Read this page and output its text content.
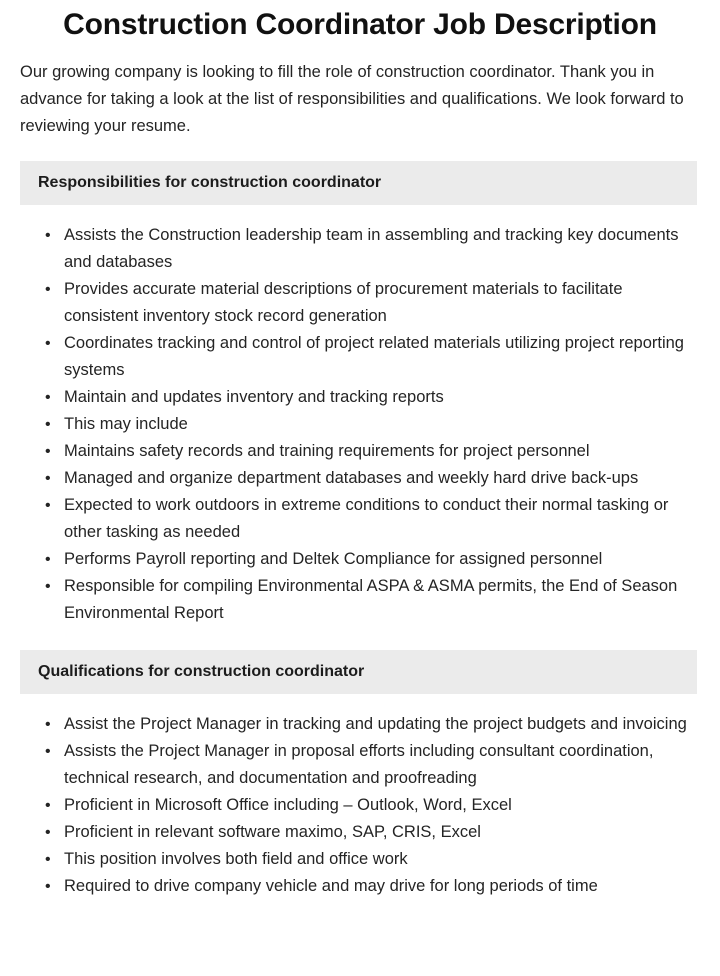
Construction Coordinator Job Description

Our growing company is looking to fill the role of construction coordinator. Thank you in advance for taking a look at the list of responsibilities and qualifications. We look forward to reviewing your resume.

Responsibilities for construction coordinator
• Assists the Construction leadership team in assembling and tracking key documents and databases
• Provides accurate material descriptions of procurement materials to facilitate consistent inventory stock record generation
• Coordinates tracking and control of project related materials utilizing project reporting systems
• Maintain and updates inventory and tracking reports
• This may include
• Maintains safety records and training requirements for project personnel
• Managed and organize department databases and weekly hard drive back-ups
• Expected to work outdoors in extreme conditions to conduct their normal tasking or other tasking as needed
• Performs Payroll reporting and Deltek Compliance for assigned personnel
• Responsible for compiling Environmental ASPA & ASMA permits, the End of Season Environmental Report
Qualifications for construction coordinator
• Assist the Project Manager in tracking and updating the project budgets and invoicing
• Assists the Project Manager in proposal efforts including consultant coordination, technical research, and documentation and proofreading
• Proficient in Microsoft Office including – Outlook, Word, Excel
• Proficient in relevant software maximo, SAP, CRIS, Excel
• This position involves both field and office work
• Required to drive company vehicle and may drive for long periods of time
